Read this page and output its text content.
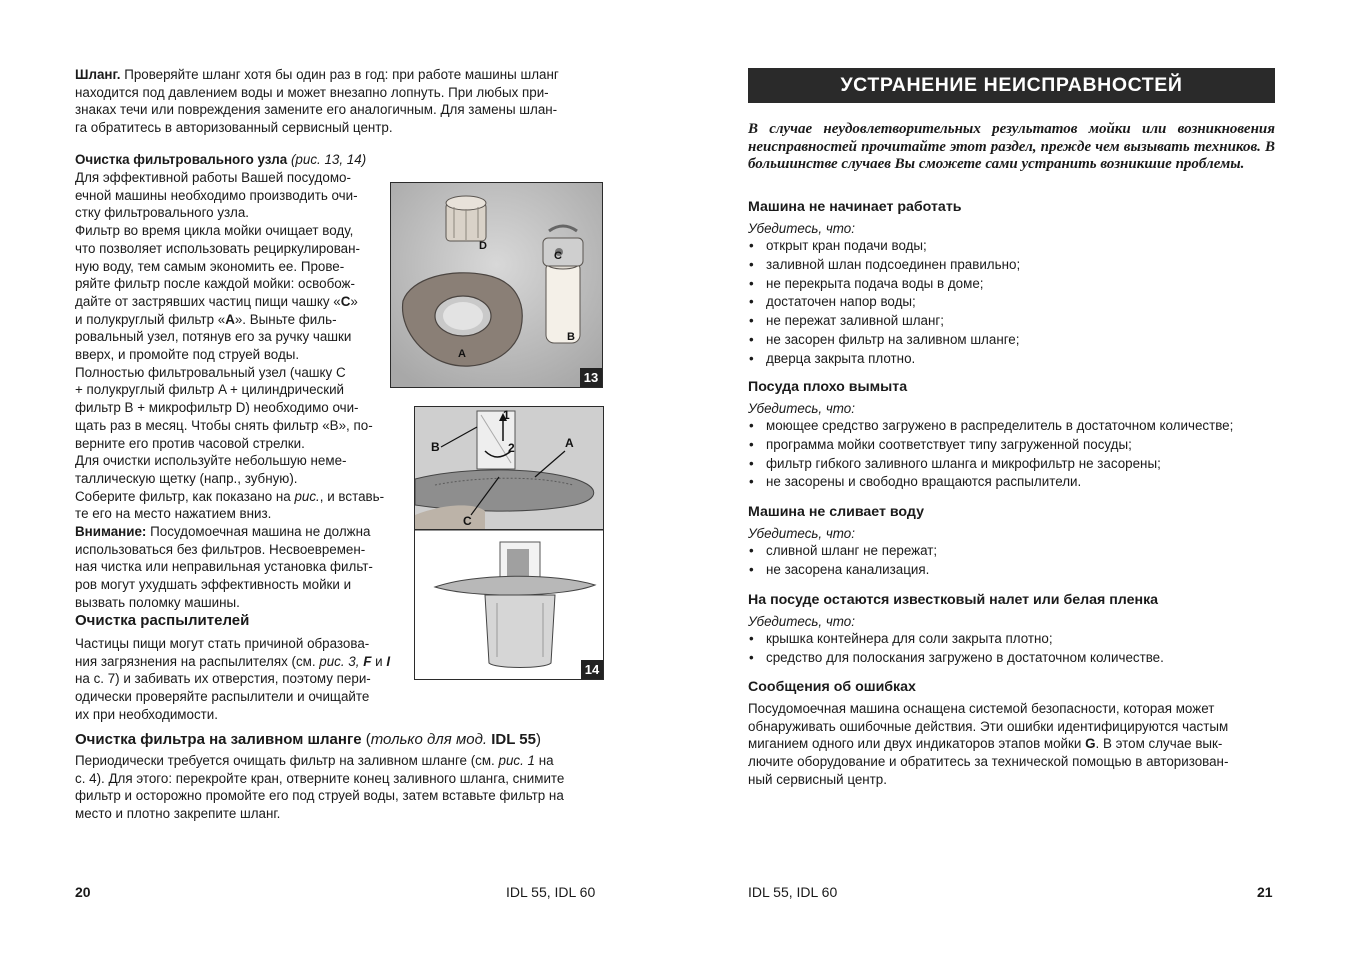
Шланг. Проверяйте шланг хотя бы один раз в год: при работе машины шланг

находится под давлением воды и может внезапно лопнуть. При любых при-

знаках течи или повреждения замените его аналогичным. Для замены шлан-

га обратитесь в авторизованный сервисный центр.

Очистка фильтровального узла (рис. 13, 14)

Для эффективной работы Вашей посудомо-

ечной машины необходимо производить очи-

стку фильтровального узла.

Фильтр во время цикла мойки очищает воду,

что позволяет использовать рециркулирован-

ную воду, тем самым экономить ее. Прове-

ряйте фильтр после каждой мойки: освобож-

дайте от застрявших частиц пищи чашку «С»

и полукруглый фильтр «А». Выньте филь-

ровальный узел, потянув его за ручку чашки

вверх, и промойте под струей воды.

Полностью фильтровальный узел (чашку С

+ полукруглый фильтр A + цилиндрический

фильтр B + микрофильтр D) необходимо очи-

щать раз в месяц. Чтобы снять фильтр «В», по-

верните его против часовой стрелки.

Для очистки используйте небольшую неме-

таллическую щетку (напр., зубную).

Соберите фильтр, как показано на рис., и вставь-

тe его на место нажатием вниз.

Внимание: Посудомоечная машина не должна

использоваться без фильтров. Несвоевремен-

ная чистка или неправильная установка фильт-

ров могут ухудшать эффективность мойки и

вызвать поломку машины.

D
C
A
B
13
1
2
B	A
C
14

Очистка распылителей

Частицы пищи могут стать причиной образова-

ния загрязнения на распылителях (см. рис. 3, F и I

на с. 7) и забивать их отверстия, поэтому пери-

одически проверяйте распылители и очищайте

их при необходимости.

Очистка фильтра на заливном шланге (только для мод. IDL 55)

Периодически требуется очищать фильтр на заливном шланге (см. рис. 1 на

с. 4). Для этого: перекройте кран, отверните конец заливного шланга, снимите

фильтр и осторожно промойте его под струей воды, затем вставьте фильтр на

место и плотно закрепите шланг.

20	IDL 55, IDL 60
УСТРАНЕНИЕ НЕИСПРАВНОСТЕЙ

В случае неудовлетворительных результатов мойки или возникновения неисправностей прочитайте этот раздел, прежде чем вызывать техников. В большинстве случаев Вы сможете сами устранить возникшие проблемы.

Машина не начинает работать

Убедитесь, что:

• открыт кран подачи воды;
• заливной шлан подсоединен правильно;
• не перекрыта подача воды в доме;
• достаточен напор воды;
• не пережат заливной шланг;
• не засорен фильтр на заливном шланге;
• дверца закрыта плотно.

Посуда плохо вымыта

Убедитесь, что:

• моющее средство загружено в распределитель в достаточном количестве;
• программа мойки соответствует типу загруженной посуды;
• фильтр гибкого заливного шланга и микрофильтр не засорены;
• не засорены и свободно вращаются распылители.

Машина не сливает воду

Убедитесь, что:

• сливной шланг не пережат;
• не засорена канализация.

На посуде остаются известковый налет или белая пленка

Убедитесь, что:

• крышка контейнера для соли закрыта плотно;
• средство для полоскания загружено в достаточном количестве.

Сообщения об ошибках

Посудомоечная машина оснащена системой безопасности, которая может

обнаруживать ошибочные действия. Эти ошибки идентифицируются частым

миганием одного или двух индикаторов этапов мойки G. В этом случае вык-

лючите оборудование и обратитесь за технической помощью в авторизован-

ный сервисный центр.

IDL 55, IDL 60	21
